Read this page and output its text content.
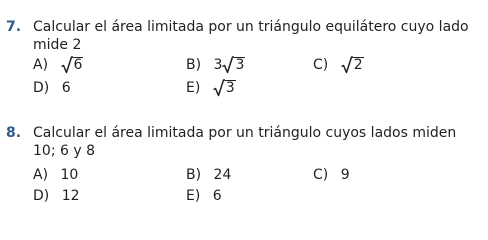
7. Calcular el área limitada por un triángulo equilátero cuyo lado mide 2
A) 6	B) 3 3	C) 2
D) 6	E) 3
8. Calcular el área limitada por un triángulo cuyos lados miden 10; 6 y 8
A) 10	B) 24	C) 9
D) 12	E) 6
